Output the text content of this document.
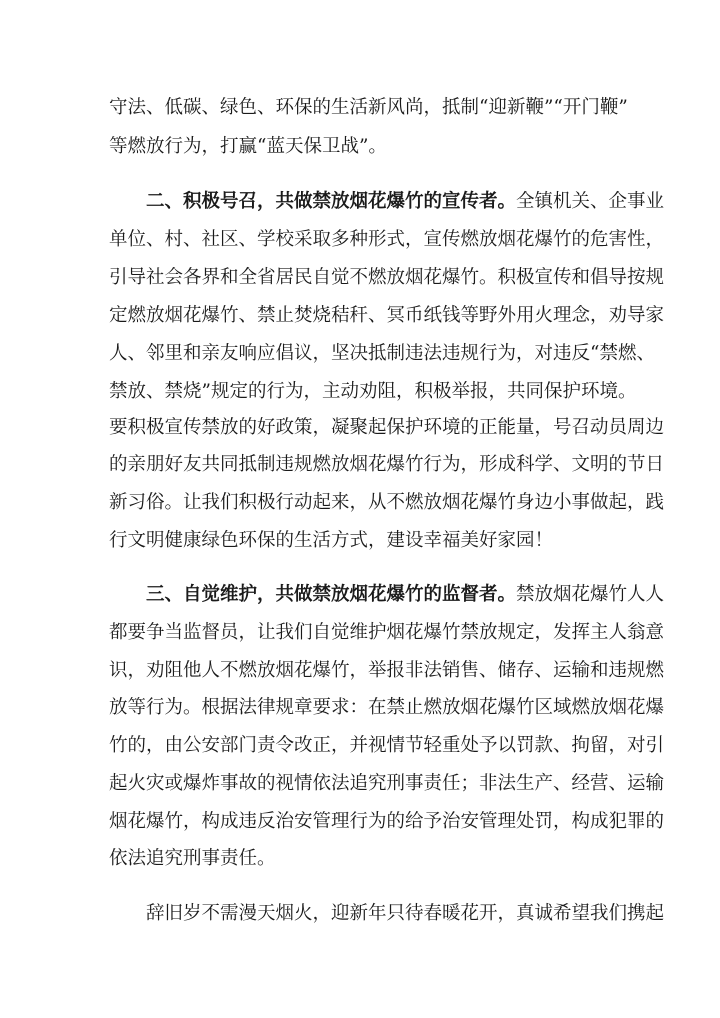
守法、低碳、绿色、环保的生活新风尚，抵制“迎新鞭”“开门鞭”
等燃放行为，打赢“蓝天保卫战”。
二、积极号召，共做禁放烟花爆竹的宣传者。全镇机关、企事业
单位、村、社区、学校采取多种形式，宣传燃放烟花爆竹的危害性，
引导社会各界和全省居民自觉不燃放烟花爆竹。积极宣传和倡导按规
定燃放烟花爆竹、禁止焚烧秸秆、冥币纸钱等野外用火理念，劝导家
人、邻里和亲友响应倡议，坚决抵制违法违规行为，对违反“禁燃、
禁放、禁烧”规定的行为，主动劝阻，积极举报，共同保护环境。
要积极宣传禁放的好政策，凝聚起保护环境的正能量，号召动员周边
的亲朋好友共同抵制违规燃放烟花爆竹行为，形成科学、文明的节日
新习俗。让我们积极行动起来，从不燃放烟花爆竹身边小事做起，践
行文明健康绿色环保的生活方式，建设幸福美好家园！
三、自觉维护，共做禁放烟花爆竹的监督者。禁放烟花爆竹人人
都要争当监督员，让我们自觉维护烟花爆竹禁放规定，发挥主人翁意
识，劝阻他人不燃放烟花爆竹，举报非法销售、储存、运输和违规燃
放等行为。根据法律规章要求：在禁止燃放烟花爆竹区域燃放烟花爆
竹的，由公安部门责令改正，并视情节轻重处予以罚款、拘留，对引
起火灾或爆炸事故的视情依法追究刑事责任；非法生产、经营、运输
烟花爆竹，构成违反治安管理行为的给予治安管理处罚，构成犯罪的
依法追究刑事责任。
辞旧岁不需漫天烟火，迎新年只待春暖花开，真诚希望我们携起
